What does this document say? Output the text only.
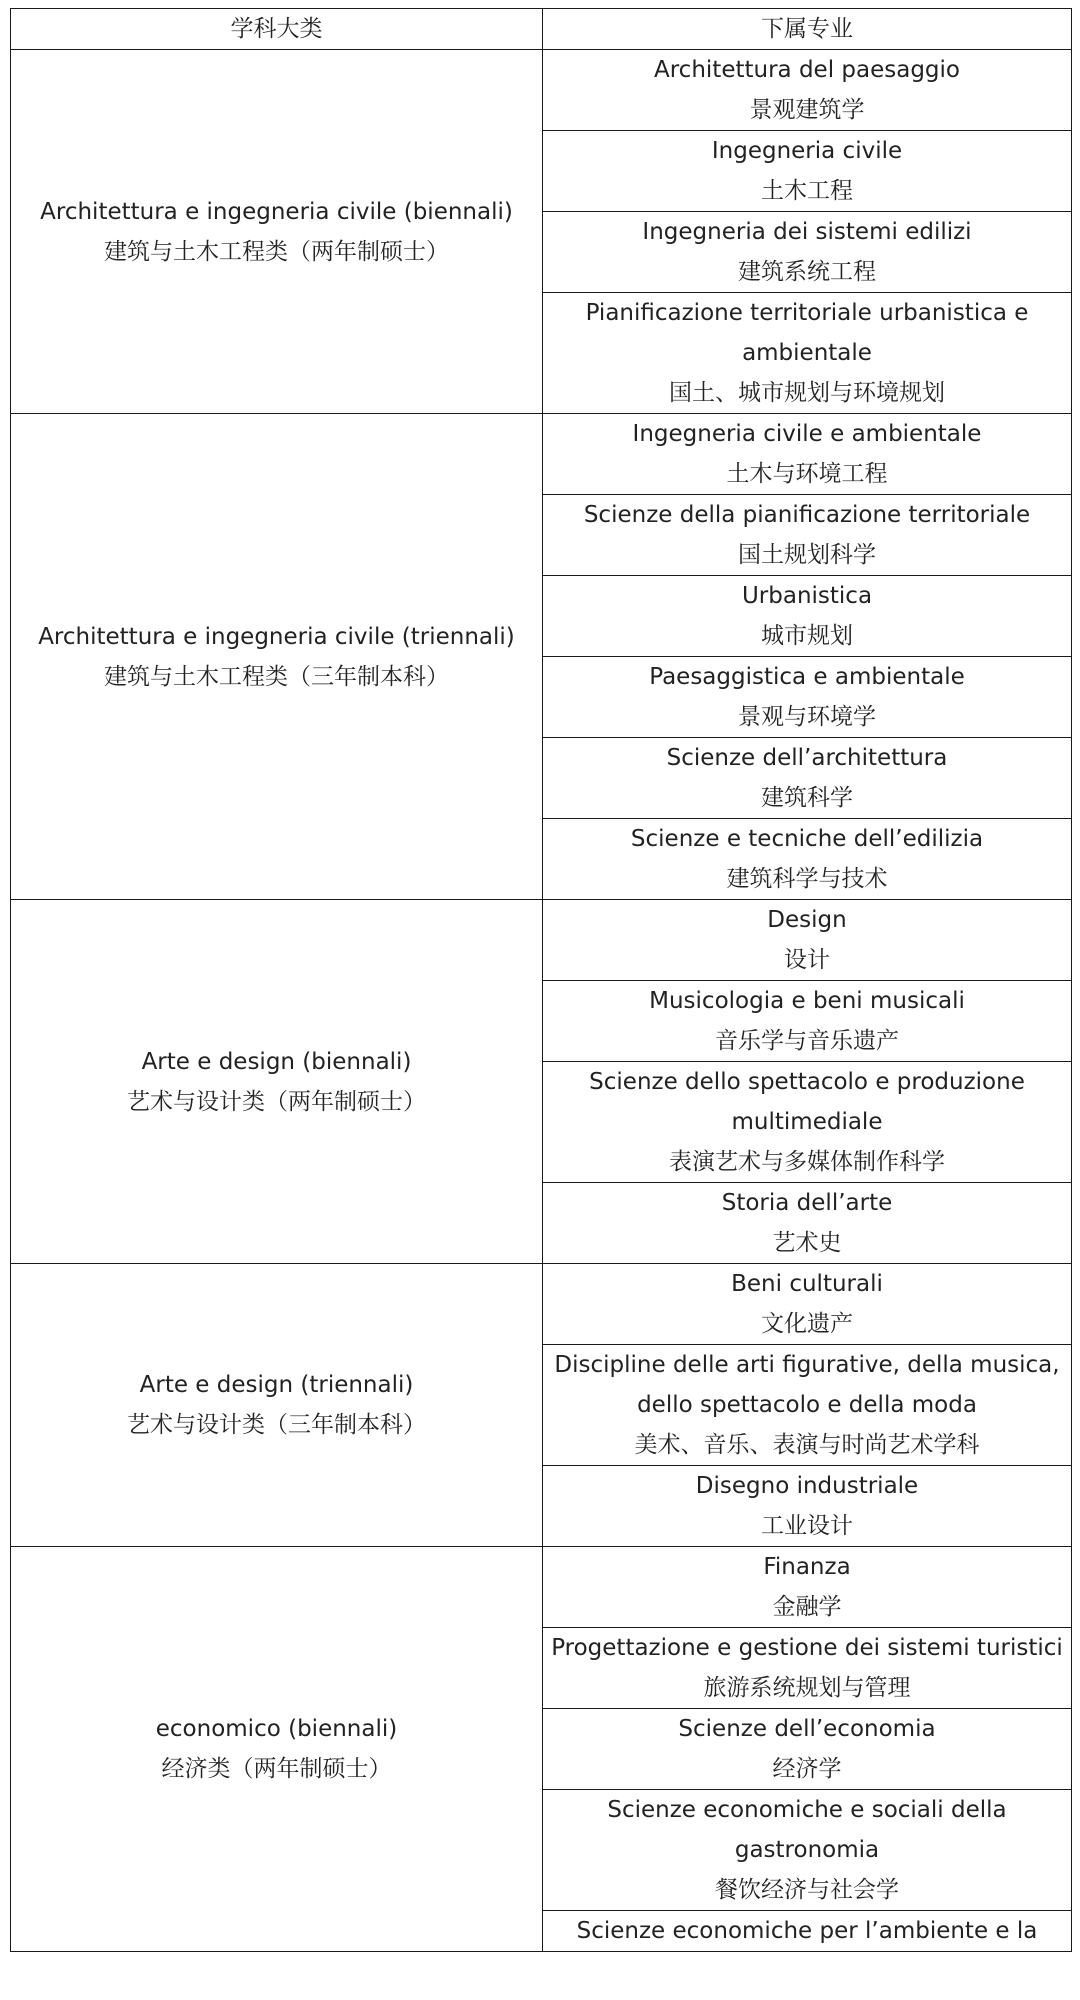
学科大类	下属专业

Architettura e ingegneria civile (biennali)
建筑与土木工程类（两年制硕士）	Architettura del paesaggio
景观建筑学

	Ingegneria civile
土木工程

	Ingegneria dei sistemi edilizi
建筑系统工程

	Pianificazione territoriale urbanistica e ambientale
国土、城市规划与环境规划

Architettura e ingegneria civile (triennali)
建筑与土木工程类（三年制本科）	Ingegneria civile e ambientale
土木与环境工程

	Scienze della pianificazione territoriale
国土规划科学

	Urbanistica
城市规划

	Paesaggistica e ambientale
景观与环境学

	Scienze dell’architettura
建筑科学

	Scienze e tecniche dell’edilizia
建筑科学与技术

Arte e design (biennali)
艺术与设计类（两年制硕士）	Design
设计

	Musicologia e beni musicali
音乐学与音乐遗产

	Scienze dello spettacolo e produzione multimediale
表演艺术与多媒体制作科学

	Storia dell’arte
艺术史

Arte e design (triennali)
艺术与设计类（三年制本科）	Beni culturali
文化遗产

	Discipline delle arti figurative, della musica, dello spettacolo e della moda
美术、音乐、表演与时尚艺术学科

	Disegno industriale
工业设计

economico (biennali)
经济类（两年制硕士）	Finanza
金融学

	Progettazione e gestione dei sistemi turistici
旅游系统规划与管理

	Scienze dell’economia
经济学

	Scienze economiche e sociali della gastronomia
餐饮经济与社会学

	Scienze economiche per l’ambiente e la
